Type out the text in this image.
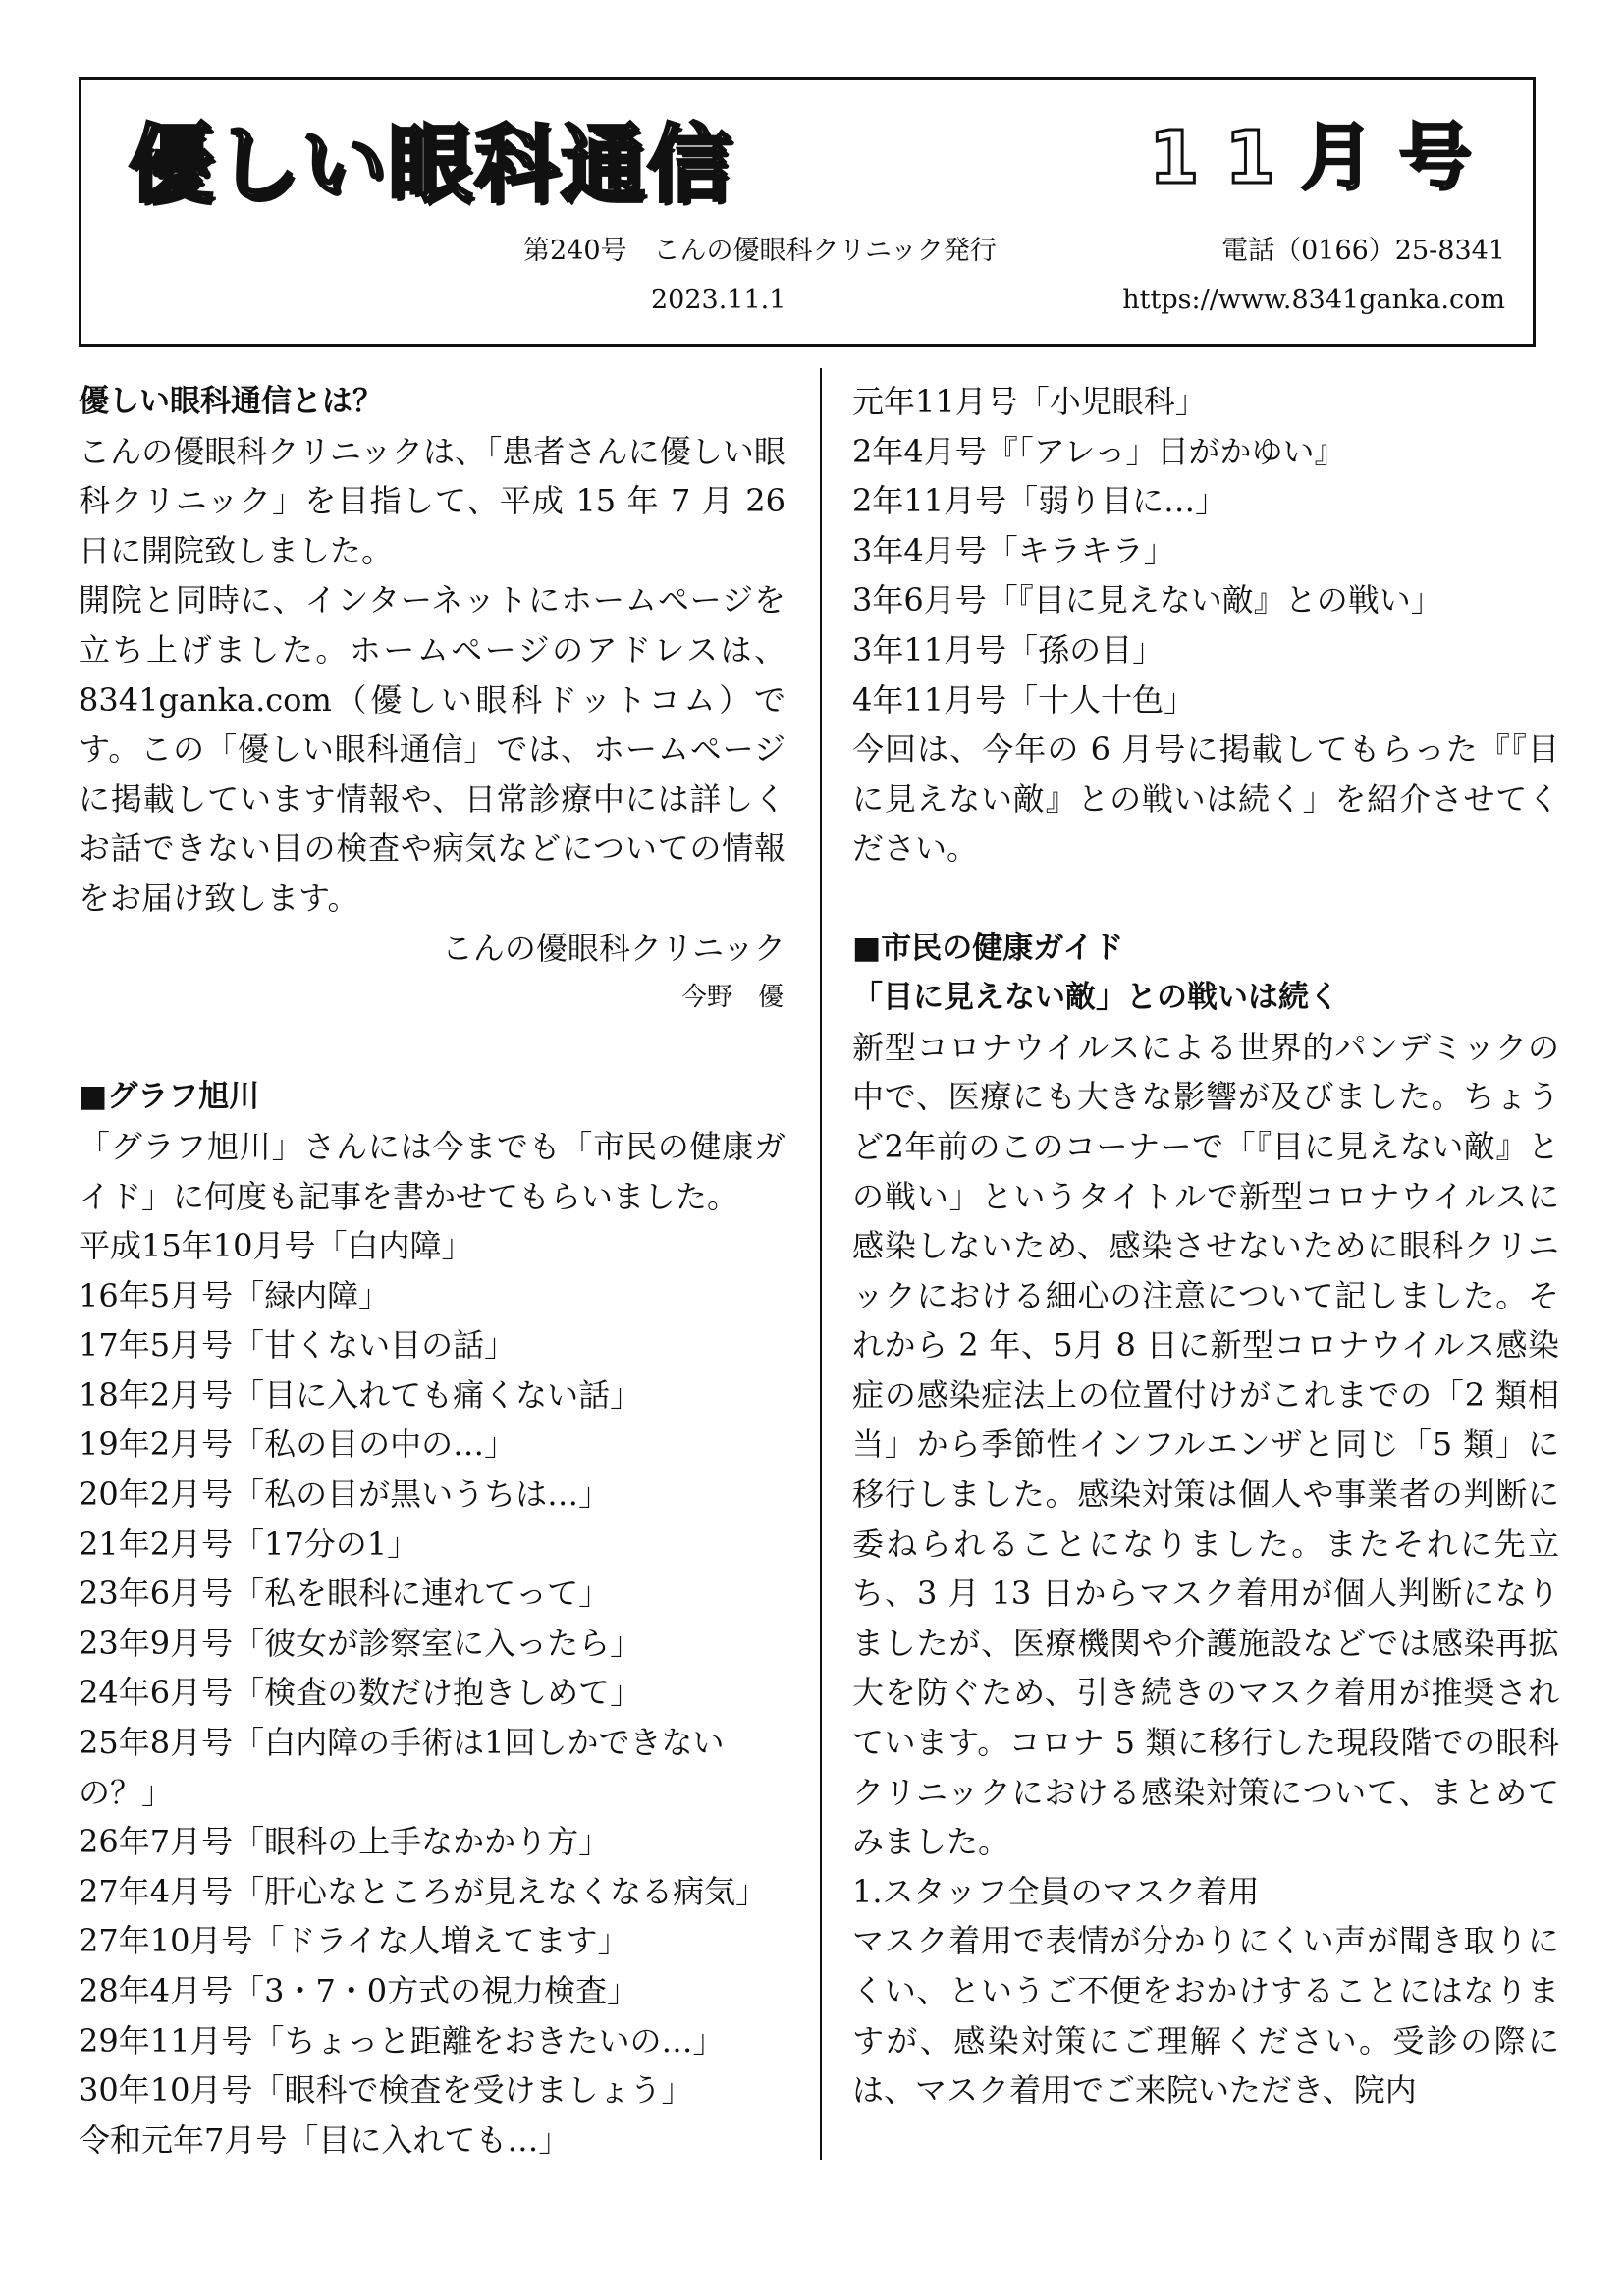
優しい眼科通信	11月号
第240号　こんの優眼科クリニック発行	電話（0166）25-8341
2023.11.1	https://www.8341ganka.com
優しい眼科通信とは？

こんの優眼科クリニックは、「患者さんに優しい眼科クリニック」を目指して、平成 15 年 7 月 26日に開院致しました。

開院と同時に、インターネットにホームページを立ち上げました。ホームページのアドレスは、8341ganka.com（優しい眼科ドットコム）です。この「優しい眼科通信」では、ホームページに掲載しています情報や、日常診療中には詳しくお話できない目の検査や病気などについての情報をお届け致します。

こんの優眼科クリニック

今野　優

■グラフ旭川

「グラフ旭川」さんには今までも「市民の健康ガイド」に何度も記事を書かせてもらいました。

平成15年10月号「白内障」
16年5月号「緑内障」
17年5月号「甘くない目の話」
18年2月号「目に入れても痛くない話」
19年2月号「私の目の中の…」
20年2月号「私の目が黒いうちは…」
21年2月号「17分の1」
23年6月号「私を眼科に連れてって」
23年9月号「彼女が診察室に入ったら」
24年6月号「検査の数だけ抱きしめて」
25年8月号「白内障の手術は1回しかできないの？」
26年7月号「眼科の上手なかかり方」
27年4月号「肝心なところが見えなくなる病気」
27年10月号「ドライな人増えてます」
28年4月号「3・7・0方式の視力検査」
29年11月号「ちょっと距離をおきたいの…」
30年10月号「眼科で検査を受けましょう」
令和元年7月号「目に入れても…」
元年11月号「小児眼科」
2年4月号『「アレっ」目がかゆい』
2年11月号「弱り目に…」
3年4月号「キラキラ」
3年6月号「『目に見えない敵』との戦い」
3年11月号「孫の目」
4年11月号「十人十色」

今回は、今年の 6 月号に掲載してもらった『『目に見えない敵』との戦いは続く」を紹介させてください。

■市民の健康ガイド
「目に見えない敵」との戦いは続く

新型コロナウイルスによる世界的パンデミックの中で、医療にも大きな影響が及びました。ちょうど2年前のこのコーナーで「『目に見えない敵』との戦い」というタイトルで新型コロナウイルスに感染しないため、感染させないために眼科クリニックにおける細心の注意について記しました。それから 2 年、5月 8 日に新型コロナウイルス感染症の感染症法上の位置付けがこれまでの「2 類相当」から季節性インフルエンザと同じ「5 類」に移行しました。感染対策は個人や事業者の判断に委ねられることになりました。またそれに先立ち、3 月 13 日からマスク着用が個人判断になりましたが、医療機関や介護施設などでは感染再拡大を防ぐため、引き続きのマスク着用が推奨されています。コロナ 5 類に移行した現段階での眼科クリニックにおける感染対策について、まとめてみました。

1.スタッフ全員のマスク着用

マスク着用で表情が分かりにくい声が聞き取りにくい、というご不便をおかけすることにはなりますが、感染対策にご理解ください。受診の際には、マスク着用でご来院いただき、院内
